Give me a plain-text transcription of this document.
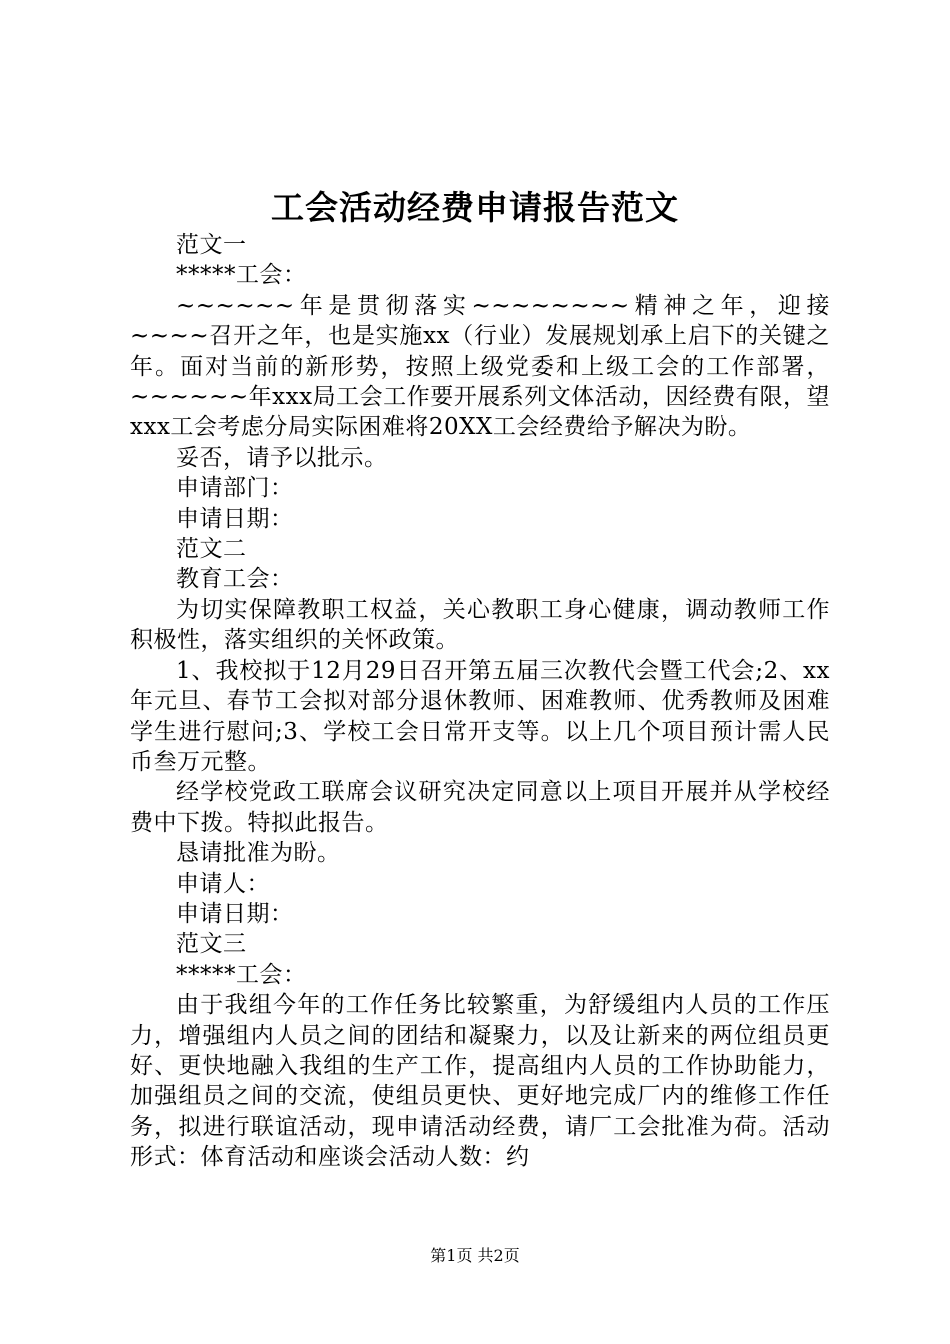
工会活动经费申请报告范文

范文一

*****工会：

~~~~~~年是贯彻落实~~~~~~~~精神之年，迎接~~~~召开之年，也是实施xx（行业）发展规划承上启下的关键之年。面对当前的新形势，按照上级党委和上级工会的工作部署，~~~~~~年xxx局工会工作要开展系列文体活动，因经费有限，望xxx工会考虑分局实际困难将20XX工会经费给予解决为盼。

妥否，请予以批示。

申请部门：

申请日期：

范文二

教育工会：

为切实保障教职工权益，关心教职工身心健康，调动教师工作积极性，落实组织的关怀政策。

1、我校拟于12月29日召开第五届三次教代会暨工代会;2、xx年元旦、春节工会拟对部分退休教师、困难教师、优秀教师及困难学生进行慰问;3、学校工会日常开支等。以上几个项目预计需人民币叁万元整。

经学校党政工联席会议研究决定同意以上项目开展并从学校经费中下拨。特拟此报告。

恳请批准为盼。

申请人：

申请日期：

范文三

*****工会：

由于我组今年的工作任务比较繁重，为舒缓组内人员的工作压力，增强组内人员之间的团结和凝聚力，以及让新来的两位组员更好、更快地融入我组的生产工作，提高组内人员的工作协助能力，加强组员之间的交流，使组员更快、更好地完成厂内的维修工作任务，拟进行联谊活动，现申请活动经费，请厂工会批准为荷。活动形式：体育活动和座谈会活动人数：约

第1页 共2页
